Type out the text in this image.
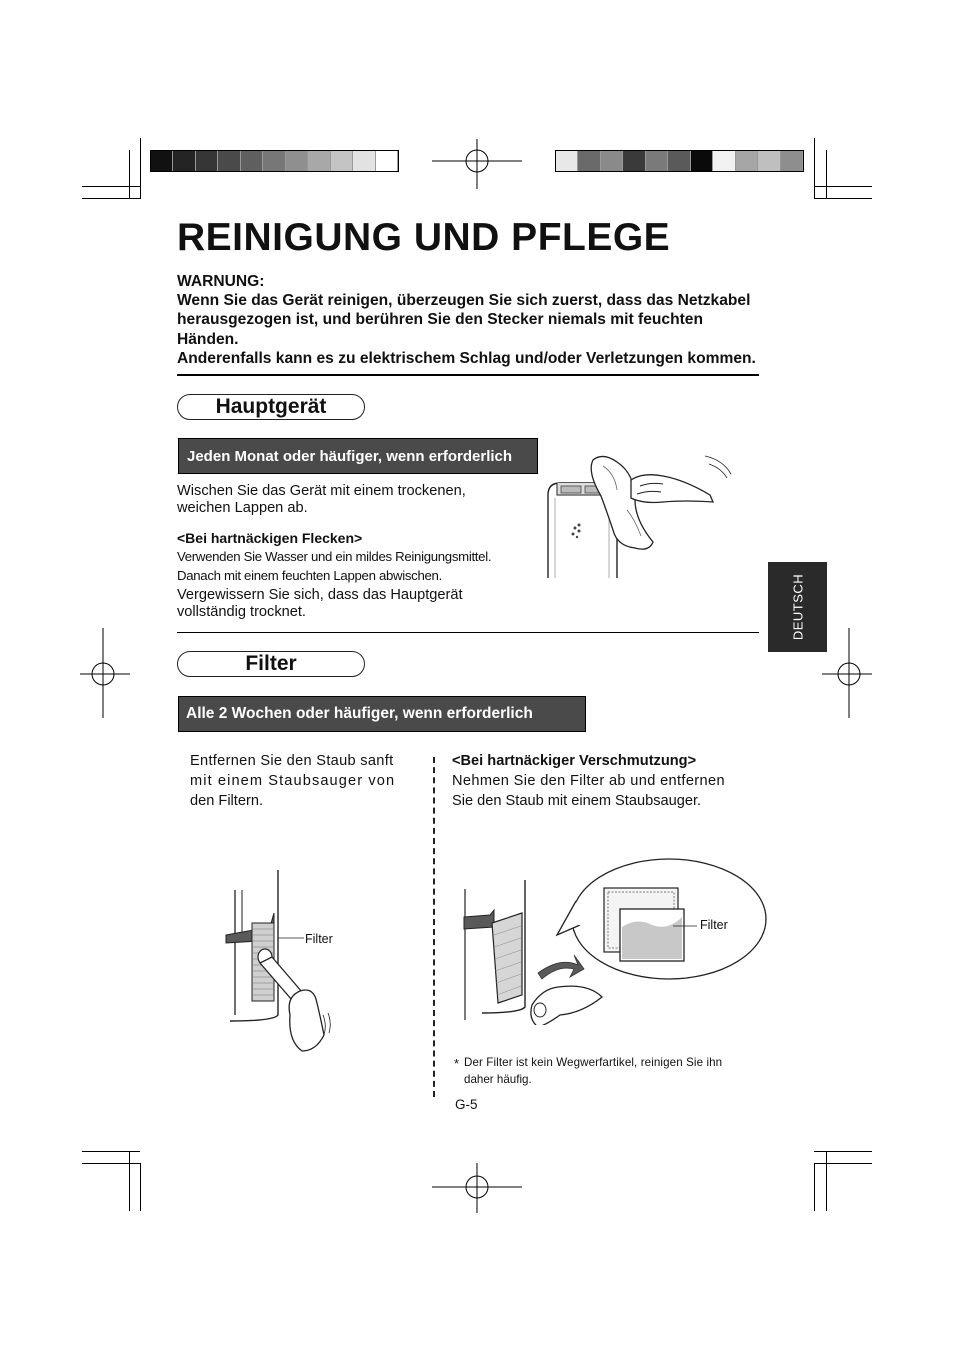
REINIGUNG UND PFLEGE
WARNUNG:
Wenn Sie das Gerät reinigen, überzeugen Sie sich zuerst, dass das Netzkabel
herausgezogen ist, und berühren Sie den Stecker niemals mit feuchten
Händen.
Anderenfalls kann es zu elektrischem Schlag und/oder Verletzungen kommen.
Hauptgerät
Jeden Monat oder häufiger, wenn erforderlich
Wischen Sie das Gerät mit einem trockenen,
weichen Lappen ab.
<Bei hartnäckigen Flecken>
Verwenden Sie Wasser und ein mildes Reinigungsmittel.
Danach mit einem feuchten Lappen abwischen.
Vergewissern Sie sich, dass das Hauptgerät
vollständig trocknet.	DEUTSCH
Filter
Alle 2 Wochen oder häufiger, wenn erforderlich
Entfernen Sie den Staub sanft
mit einem Staubsauger von
den Filtern.
<Bei hartnäckiger Verschmutzung>
Nehmen Sie den Filter ab und entfernen
Sie den Staub mit einem Staubsauger.
Filter
Filter
* Der Filter ist kein Wegwerfartikel, reinigen Sie ihn
daher häufig.
G-5
